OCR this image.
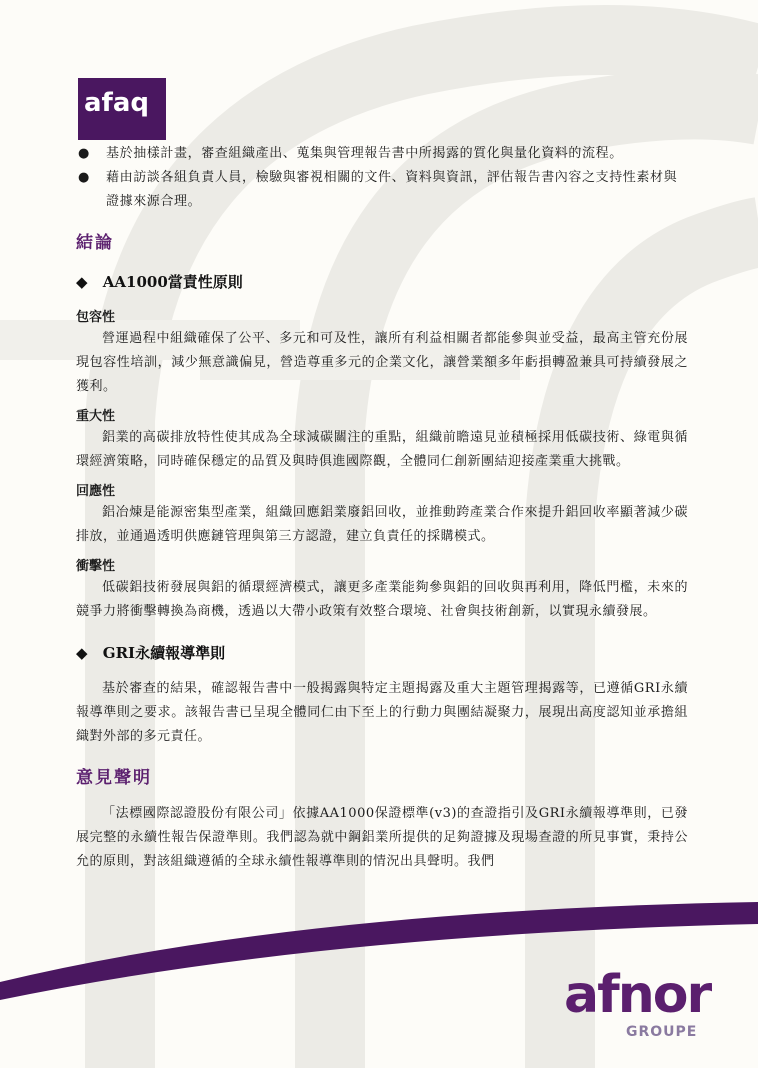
afaq
● 基於抽樣計畫，審查組織產出、蒐集與管理報告書中所揭露的質化與量化資料的流程。
● 藉由訪談各組負責人員，檢驗與審視相關的文件、資料與資訊，評估報告書內容之支持性素材與證據來源合理。
結論
◆ AA1000當責性原則
包容性

營運過程中組織確保了公平、多元和可及性，讓所有利益相關者都能參與並受益，最高主管充份展現包容性培訓，減少無意識偏見，營造尊重多元的企業文化，讓營業額多年虧損轉盈兼具可持續發展之獲利。

重大性

鋁業的高碳排放特性使其成為全球減碳關注的重點，組織前瞻遠見並積極採用低碳技術、綠電與循環經濟策略，同時確保穩定的品質及與時俱進國際觀，全體同仁創新團結迎接產業重大挑戰。

回應性

鋁冶煉是能源密集型產業，組織回應鋁業廢鋁回收，並推動跨產業合作來提升鋁回收率顯著減少碳排放，並通過透明供應鏈管理與第三方認證，建立負責任的採購模式。

衝擊性

低碳鋁技術發展與鋁的循環經濟模式，讓更多產業能夠參與鋁的回收與再利用，降低門檻，未來的競爭力將衝擊轉換為商機，透過以大帶小政策有效整合環境、社會與技術創新，以實現永續發展。

◆ GRI永續報導準則

基於審查的結果，確認報告書中一般揭露與特定主題揭露及重大主題管理揭露等，已遵循GRI永續報導準則之要求。該報告書已呈現全體同仁由下至上的行動力與團結凝聚力，展現出高度認知並承擔組織對外部的多元責任。

意見聲明

「法標國際認證股份有限公司」依據AA1000保證標準(v3)的查證指引及GRI永續報導準則，已發展完整的永續性報告保證準則。我們認為就中鋼鋁業所提供的足夠證據及現場查證的所見事實，秉持公允的原則，對該組織遵循的全球永續性報導準則的情況出具聲明。我們

afnor
GROUPE
